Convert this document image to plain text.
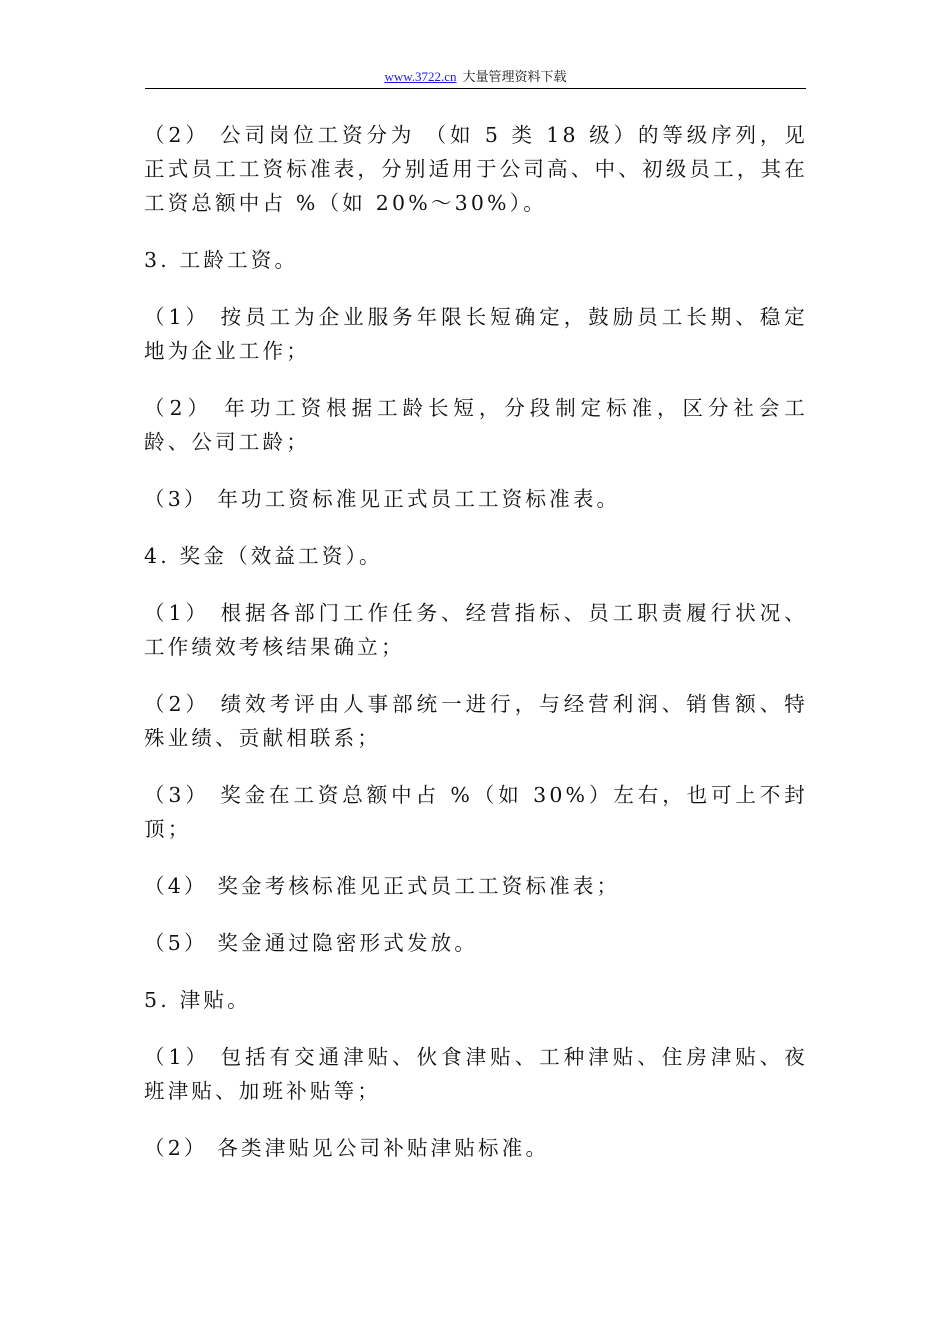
www.3722.cn 大量管理资料下载

（2） 公司岗位工资分为 （如 5 类 18 级）的等级序列，见正式员工工资标准表，分别适用于公司高、中、初级员工，其在工资总额中占 %（如 20%～30%）。

3. 工龄工资。

（1） 按员工为企业服务年限长短确定，鼓励员工长期、稳定地为企业工作；

（2） 年功工资根据工龄长短，分段制定标准，区分社会工龄、公司工龄；

（3） 年功工资标准见正式员工工资标准表。

4. 奖金（效益工资）。

（1） 根据各部门工作任务、经营指标、员工职责履行状况、工作绩效考核结果确立；

（2） 绩效考评由人事部统一进行，与经营利润、销售额、特殊业绩、贡献相联系；

（3） 奖金在工资总额中占 %（如 30%）左右，也可上不封顶；

（4） 奖金考核标准见正式员工工资标准表；

（5） 奖金通过隐密形式发放。

5. 津贴。

（1） 包括有交通津贴、伙食津贴、工种津贴、住房津贴、夜班津贴、加班补贴等；

（2） 各类津贴见公司补贴津贴标准。
